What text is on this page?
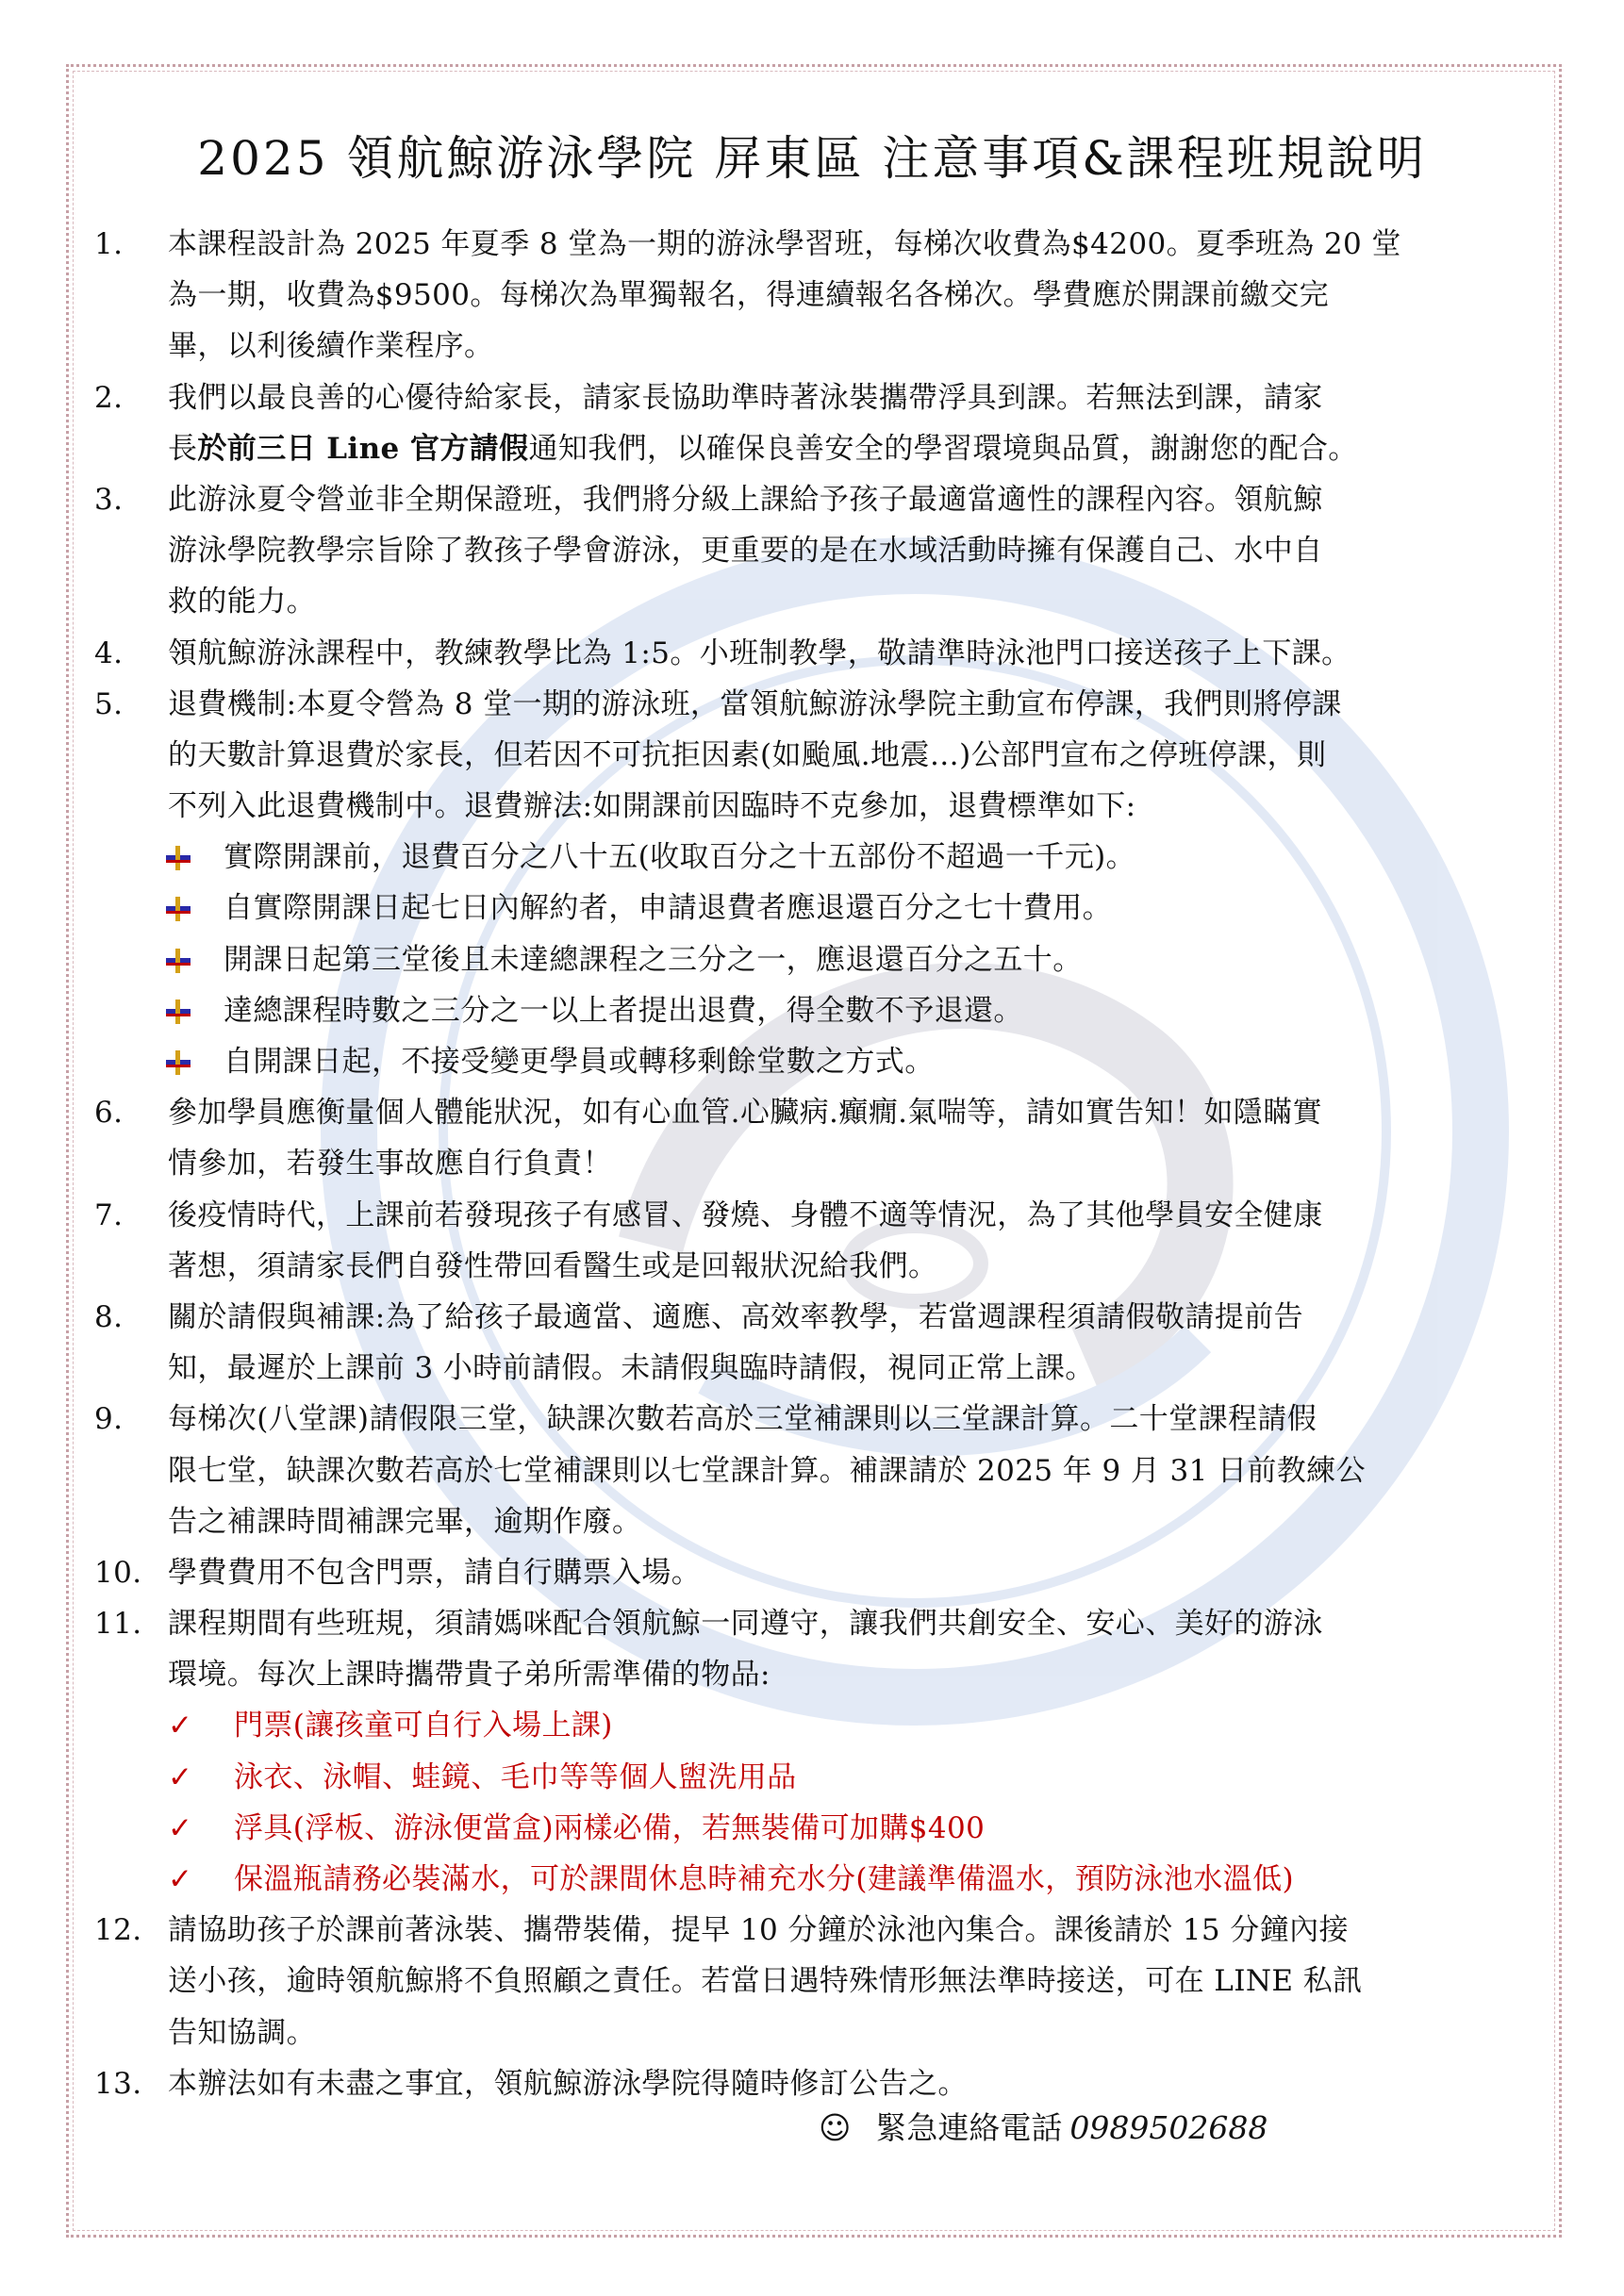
2025 領航鯨游泳學院 屏東區 注意事項&課程班規說明
1.	本課程設計為 2025 年夏季 8 堂為一期的游泳學習班，每梯次收費為$4200。夏季班為 20 堂
為一期，收費為$9500。每梯次為單獨報名，得連續報名各梯次。學費應於開課前繳交完
畢，以利後續作業程序。
2.	我們以最良善的心優待給家長，請家長協助準時著泳裝攜帶浮具到課。若無法到課，請家
長於前三日 Line 官方請假通知我們，以確保良善安全的學習環境與品質，謝謝您的配合。
3.	此游泳夏令營並非全期保證班，我們將分級上課給予孩子最適當適性的課程內容。領航鯨
游泳學院教學宗旨除了教孩子學會游泳，更重要的是在水域活動時擁有保護自己、水中自
救的能力。
4.	領航鯨游泳課程中，教練教學比為 1:5。小班制教學，敬請準時泳池門口接送孩子上下課。
5.	退費機制:本夏令營為 8 堂一期的游泳班，當領航鯨游泳學院主動宣布停課，我們則將停課
的天數計算退費於家長，但若因不可抗拒因素(如颱風.地震…)公部門宣布之停班停課，則
不列入此退費機制中。退費辦法:如開課前因臨時不克參加，退費標準如下:
實際開課前，退費百分之八十五(收取百分之十五部份不超過一千元)。
自實際開課日起七日內解約者，申請退費者應退還百分之七十費用。
開課日起第三堂後且未達總課程之三分之一，應退還百分之五十。
達總課程時數之三分之一以上者提出退費，得全數不予退還。
自開課日起，不接受變更學員或轉移剩餘堂數之方式。
6.	參加學員應衡量個人體能狀況，如有心血管.心臟病.癲癇.氣喘等，請如實告知！如隱瞞實
情參加，若發生事故應自行負責！
7.	後疫情時代，上課前若發現孩子有感冒、發燒、身體不適等情況，為了其他學員安全健康
著想，須請家長們自發性帶回看醫生或是回報狀況給我們。
8.	關於請假與補課:為了給孩子最適當、適應、高效率教學，若當週課程須請假敬請提前告
知，最遲於上課前 3 小時前請假。未請假與臨時請假，視同正常上課。
9.	每梯次(八堂課)請假限三堂，缺課次數若高於三堂補課則以三堂課計算。二十堂課程請假
限七堂，缺課次數若高於七堂補課則以七堂課計算。補課請於 2025 年 9 月 31 日前教練公
告之補課時間補課完畢，逾期作廢。
10. 學費費用不包含門票，請自行購票入場。
11. 課程期間有些班規，須請媽咪配合領航鯨一同遵守，讓我們共創安全、安心、美好的游泳
環境。每次上課時攜帶貴子弟所需準備的物品:
✓ 門票(讓孩童可自行入場上課)
✓ 泳衣、泳帽、蛙鏡、毛巾等等個人盥洗用品
✓ 浮具(浮板、游泳便當盒)兩樣必備，若無裝備可加購$400
✓ 保溫瓶請務必裝滿水，可於課間休息時補充水分(建議準備溫水，預防泳池水溫低)
12. 請協助孩子於課前著泳裝、攜帶裝備，提早 10 分鐘於泳池內集合。課後請於 15 分鐘內接
送小孩，逾時領航鯨將不負照顧之責任。若當日遇特殊情形無法準時接送，可在 LINE 私訊
告知協調。
13. 本辦法如有未盡之事宜，領航鯨游泳學院得隨時修訂公告之。
☺ 緊急連絡電話 0989502688
